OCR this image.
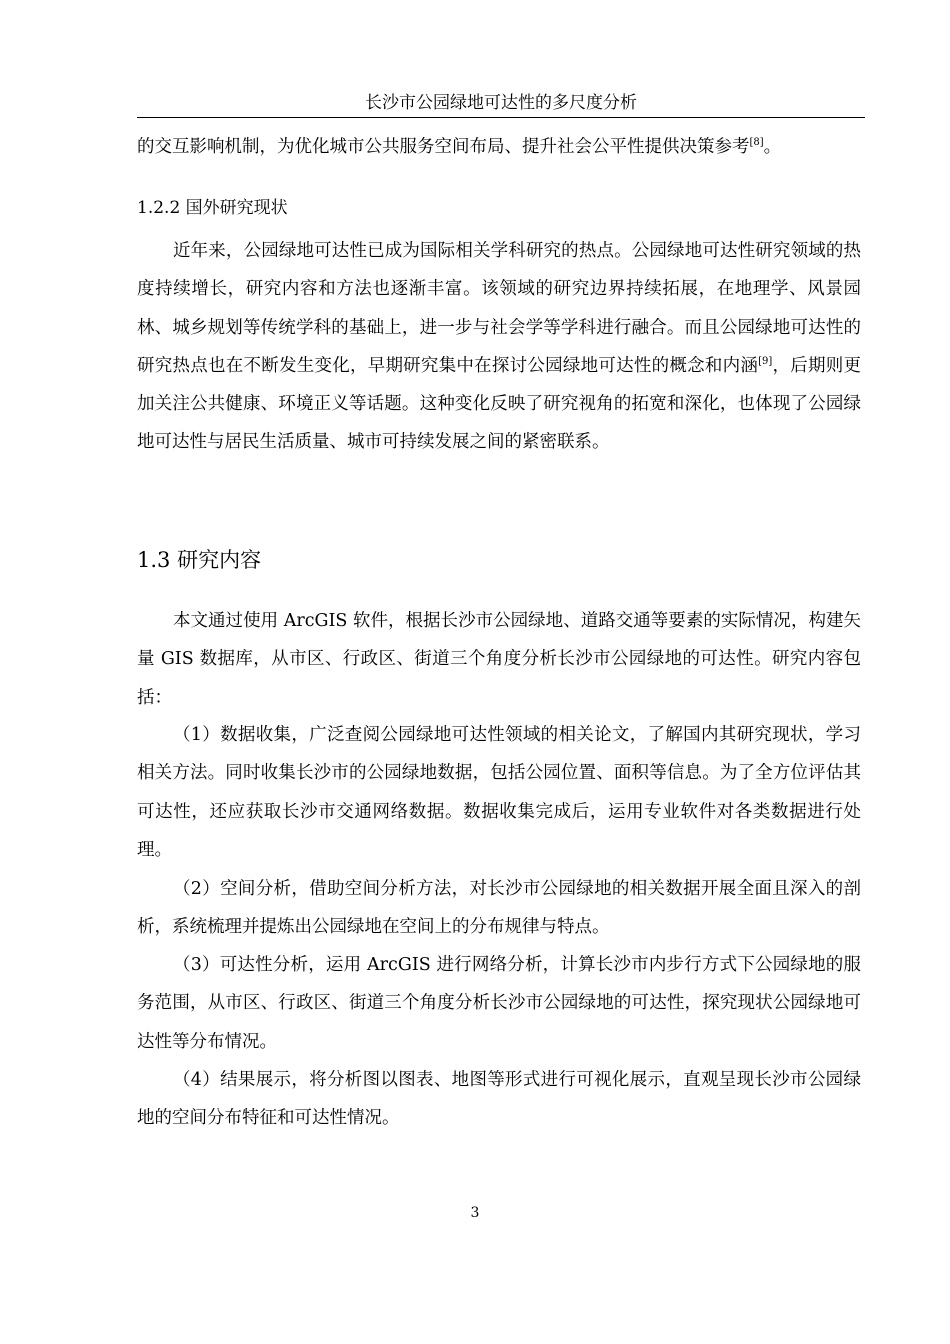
长沙市公园绿地可达性的多尺度分析

的交互影响机制，为优化城市公共服务空间布局、提升社会公平性提供决策参考[8]。

1.2.2 国外研究现状

近年来，公园绿地可达性已成为国际相关学科研究的热点。公园绿地可达性研究领域的热度持续增长，研究内容和方法也逐渐丰富。该领域的研究边界持续拓展，在地理学、风景园林、城乡规划等传统学科的基础上，进一步与社会学等学科进行融合。而且公园绿地可达性的研究热点也在不断发生变化，早期研究集中在探讨公园绿地可达性的概念和内涵[9]，后期则更加关注公共健康、环境正义等话题。这种变化反映了研究视角的拓宽和深化，也体现了公园绿地可达性与居民生活质量、城市可持续发展之间的紧密联系。

1.3 研究内容

本文通过使用 ArcGIS 软件，根据长沙市公园绿地、道路交通等要素的实际情况，构建矢量 GIS 数据库，从市区、行政区、街道三个角度分析长沙市公园绿地的可达性。研究内容包括：

（1）数据收集，广泛查阅公园绿地可达性领域的相关论文，了解国内其研究现状，学习相关方法。同时收集长沙市的公园绿地数据，包括公园位置、面积等信息。为了全方位评估其可达性，还应获取长沙市交通网络数据。数据收集完成后，运用专业软件对各类数据进行处理。

（2）空间分析，借助空间分析方法，对长沙市公园绿地的相关数据开展全面且深入的剖析，系统梳理并提炼出公园绿地在空间上的分布规律与特点。

（3）可达性分析，运用 ArcGIS 进行网络分析，计算长沙市内步行方式下公园绿地的服务范围，从市区、行政区、街道三个角度分析长沙市公园绿地的可达性，探究现状公园绿地可达性等分布情况。

（4）结果展示，将分析图以图表、地图等形式进行可视化展示，直观呈现长沙市公园绿地的空间分布特征和可达性情况。

3
